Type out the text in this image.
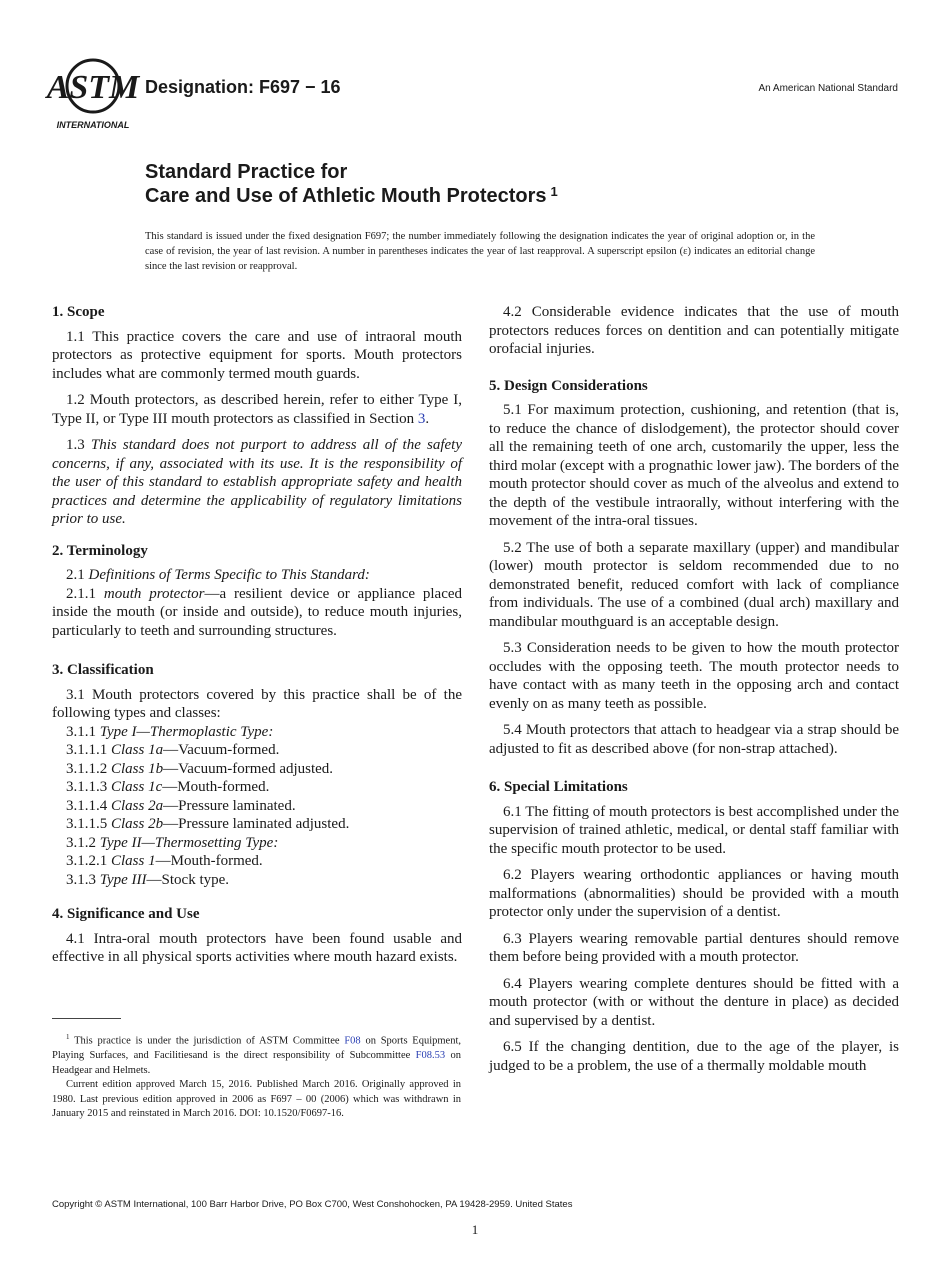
ASTM
INTERNATIONAL
Designation: F697 − 16	An American National Standard
Standard Practice for
Care and Use of Athletic Mouth Protectors $^1$
This standard is issued under the fixed designation F697; the number immediately following the designation indicates the year of original adoption or, in the case of revision, the year of last revision. A number in parentheses indicates the year of last reapproval. A superscript epsilon (ε) indicates an editorial change since the last revision or reapproval.
1. Scope

1.1 This practice covers the care and use of intraoral mouth protectors as protective equipment for sports. Mouth protectors includes what are commonly termed mouth guards.

1.2 Mouth protectors, as described herein, refer to either Type I, Type II, or Type III mouth protectors as classified in Section 3.

1.3 This standard does not purport to address all of the safety concerns, if any, associated with its use. It is the responsibility of the user of this standard to establish appropriate safety and health practices and determine the applicability of regulatory limitations prior to use.

2. Terminology

2.1 Definitions of Terms Specific to This Standard:

2.1.1 mouth protector—a resilient device or appliance placed inside the mouth (or inside and outside), to reduce mouth injuries, particularly to teeth and surrounding structures.

3. Classification

3.1 Mouth protectors covered by this practice shall be of the following types and classes:

3.1.1 Type I—Thermoplastic Type:
3.1.1.1 Class 1a—Vacuum-formed.
3.1.1.2 Class 1b—Vacuum-formed adjusted.
3.1.1.3 Class 1c—Mouth-formed.
3.1.1.4 Class 2a—Pressure laminated.
3.1.1.5 Class 2b—Pressure laminated adjusted.
3.1.2 Type II—Thermosetting Type:
3.1.2.1 Class 1—Mouth-formed.
3.1.3 Type III—Stock type.
4. Significance and Use

4.1 Intra-oral mouth protectors have been found usable and effective in all physical sports activities where mouth hazard exists.

$^1$ This practice is under the jurisdiction of ASTM Committee F08 on Sports Equipment, Playing Surfaces, and Facilitiesand is the direct responsibility of Subcommittee F08.53 on Headgear and Helmets.

Current edition approved March 15, 2016. Published March 2016. Originally approved in 1980. Last previous edition approved in 2006 as F697 – 00 (2006) which was withdrawn in January 2015 and reinstated in March 2016. DOI: 10.1520/F0697-16.

4.2 Considerable evidence indicates that the use of mouth protectors reduces forces on dentition and can potentially mitigate orofacial injuries.

5. Design Considerations

5.1 For maximum protection, cushioning, and retention (that is, to reduce the chance of dislodgement), the protector should cover all the remaining teeth of one arch, customarily the upper, less the third molar (except with a prognathic lower jaw). The borders of the mouth protector should cover as much of the alveolus and extend to the depth of the vestibule intraorally, without interfering with the movement of the intra-oral tissues.

5.2 The use of both a separate maxillary (upper) and mandibular (lower) mouth protector is seldom recommended due to no demonstrated benefit, reduced comfort with lack of compliance from individuals. The use of a combined (dual arch) maxillary and mandibular mouthguard is an acceptable design.

5.3 Consideration needs to be given to how the mouth protector occludes with the opposing teeth. The mouth protector needs to have contact with as many teeth in the opposing arch and contact evenly on as many teeth as possible.

5.4 Mouth protectors that attach to headgear via a strap should be adjusted to fit as described above (for non-strap attached).

6. Special Limitations

6.1 The fitting of mouth protectors is best accomplished under the supervision of trained athletic, medical, or dental staff familiar with the specific mouth protector to be used.

6.2 Players wearing orthodontic appliances or having mouth malformations (abnormalities) should be provided with a mouth protector only under the supervision of a dentist.

6.3 Players wearing removable partial dentures should remove them before being provided with a mouth protector.

6.4 Players wearing complete dentures should be fitted with a mouth protector (with or without the denture in place) as decided and supervised by a dentist.

6.5 If the changing dentition, due to the age of the player, is judged to be a problem, the use of a thermally moldable mouth

Copyright © ASTM International, 100 Barr Harbor Drive, PO Box C700, West Conshohocken, PA 19428-2959. United States
1
